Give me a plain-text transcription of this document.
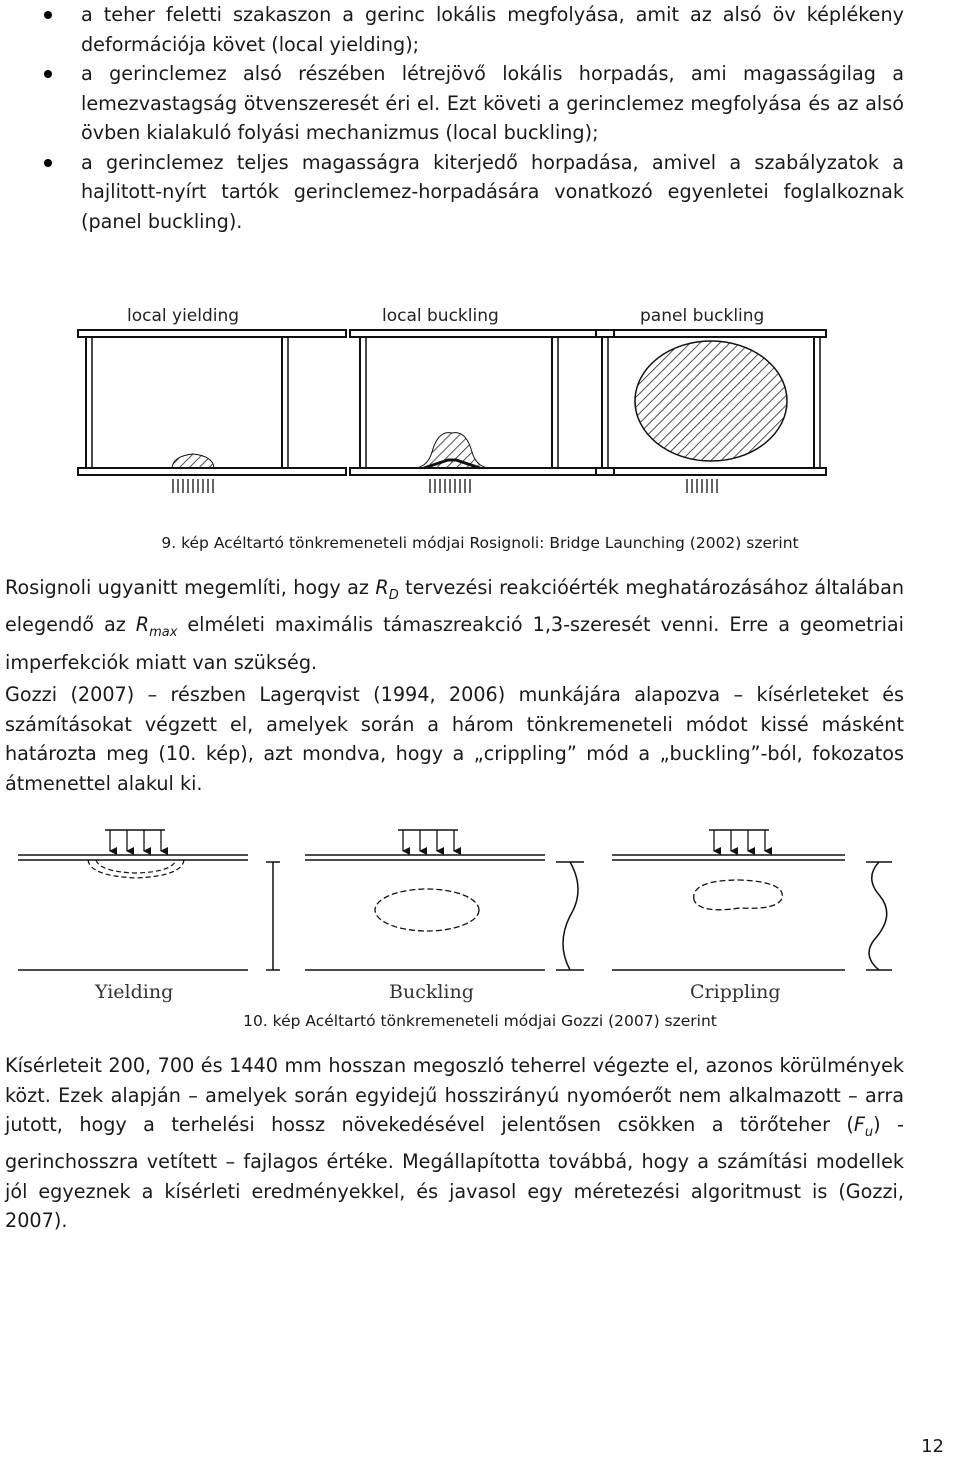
a teher feletti szakaszon a gerinc lokális megfolyása, amit az alsó öv képlékeny deformációja követ (local yielding);
a gerinclemez alsó részében létrejövő lokális horpadás, ami magasságilag a lemezvastagság ötvenszeresét éri el. Ezt követi a gerinclemez megfolyása és az alsó övben kialakuló folyási mechanizmus (local buckling);
a gerinclemez teljes magasságra kiterjedő horpadása, amivel a szabályzatok a hajlitott-nyírt tartók gerinclemez-horpadására vonatkozó egyenletei foglalkoznak (panel buckling).
local yielding	local buckling	panel buckling
9. kép Acéltartó tönkremeneteli módjai Rosignoli: Bridge Launching (2002) szerint

Rosignoli ugyanitt megemlíti, hogy az $R_D$ tervezési reakcióérték meghatározásához általában elegendő az $R_{max}$ elméleti maximális támaszreakció 1,3-szeresét venni. Erre a geometriai imperfekciók miatt van szükség.

Gozzi (2007) – részben Lagerqvist (1994, 2006) munkájára alapozva – kísérleteket és számításokat végzett el, amelyek során a három tönkremeneteli módot kissé másként határozta meg (10. kép), azt mondva, hogy a „crippling” mód a „buckling”-ból, fokozatos átmenettel alakul ki.

Yielding	Buckling	Crippling
10. kép Acéltartó tönkremeneteli módjai Gozzi (2007) szerint

Kísérleteit 200, 700 és 1440 mm hosszan megoszló teherrel végezte el, azonos körülmények közt. Ezek alapján – amelyek során egyidejű hosszirányú nyomóerőt nem alkalmazott – arra jutott, hogy a terhelési hossz növekedésével jelentősen csökken a törőteher $(F_u)$ - gerinchosszra vetített – fajlagos értéke. Megállapította továbbá, hogy a számítási modellek jól egyeznek a kísérleti eredményekkel, és javasol egy méretezési algoritmust is (Gozzi, 2007).

12
